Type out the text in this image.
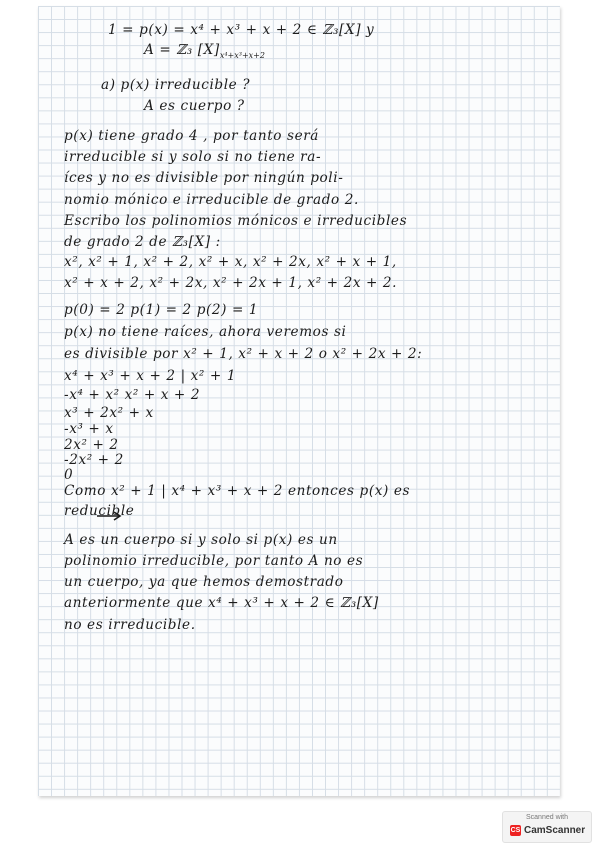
1 = p(x) = x⁴ + x³ + x + 2 ∈ ℤ₃[X] y
A = ℤ₃ $[X]_{x^4+x^3+x+2}$
a) p(x) irreducible ?
A es cuerpo ?
p(x) tiene grado 4 , por tanto será
irreducible si y solo si no tiene ra-
íces y no es divisible por ningún poli-
nomio mónico e irreducible de grado 2.
Escribo los polinomios mónicos e irreducibles
de grado 2 de ℤ₃[X] :
x², x² + 1, x² + 2, x² + x, x² + 2x, x² + x + 1,
x² + x + 2, x² + 2x, x² + 2x + 1, x² + 2x + 2.
p(0) = 2 p(1) = 2 p(2) = 1
p(x) no tiene raíces, ahora veremos si
es divisible por x² + 1, x² + x + 2 o x² + 2x + 2:
x⁴ + x³ + x + 2 | x² + 1
-x⁴ + x² x² + x + 2
x³ + 2x² + x
-x³ + x
2x² + 2
-2x² + 2
0
Como x² + 1 | x⁴ + x³ + x + 2 entonces p(x) es
reducible
A es un cuerpo si y solo si p(x) es un
polinomio irreducible, por tanto A no es
un cuerpo, ya que hemos demostrado
anteriormente que x⁴ + x³ + x + 2 ∈ ℤ₃[X]
no es irreducible.
Scanned with
CS CamScanner
